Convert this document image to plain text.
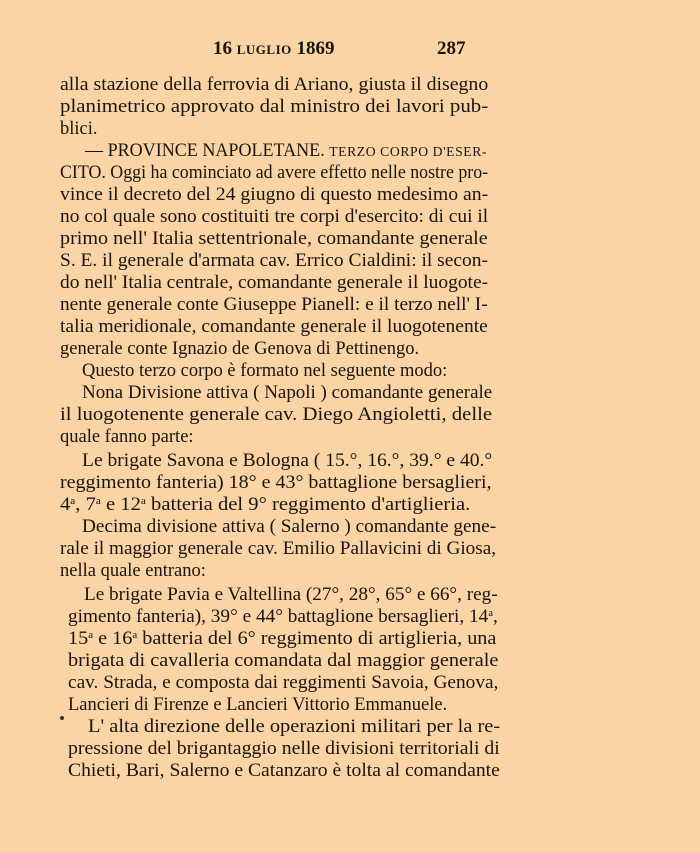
16 LUGLIO 1869	287
alla stazione della ferrovia di Ariano, giusta il disegno
planimetrico approvato dal ministro dei lavori pub-
blici.
— PROVINCE NAPOLETANE. TERZO CORPO D'ESER-
CITO. Oggi ha cominciato ad avere effetto nelle nostre pro-
vince il decreto del 24 giugno di questo medesimo an-
no col quale sono costituiti tre corpi d'esercito: di cui il
primo nell' Italia settentrionale, comandante generale
S. E. il generale d'armata cav. Errico Cialdini: il secon-
do nell' Italia centrale, comandante generale il luogote-
nente generale conte Giuseppe Pianell: e il terzo nell' I-
talia meridionale, comandante generale il luogotenente
generale conte Ignazio de Genova di Pettinengo.
Questo terzo corpo è formato nel seguente modo:
Nona Divisione attiva ( Napoli ) comandante generale
il luogotenente generale cav. Diego Angioletti, delle
quale fanno parte:
Le brigate Savona e Bologna ( 15.°, 16.°, 39.° e 40.°
reggimento fanteria) 18° e 43° battaglione bersaglieri,
4$^a$, 7$^a$ e 12$^a$ batteria del 9° reggimento d'artiglieria.
Decima divisione attiva ( Salerno ) comandante gene-
rale il maggior generale cav. Emilio Pallavicini di Giosa,
nella quale entrano:
Le brigate Pavia e Valtellina (27°, 28°, 65° e 66°, reg-
gimento fanteria), 39° e 44° battaglione bersaglieri, 14$^a$,
15$^a$ e 16$^a$ batteria del 6° reggimento di artiglieria, una
brigata di cavalleria comandata dal maggior generale
cav. Strada, e composta dai reggimenti Savoia, Genova,
Lancieri di Firenze e Lancieri Vittorio Emmanuele.
L' alta direzione delle operazioni militari per la re-
pressione del brigantaggio nelle divisioni territoriali di
Chieti, Bari, Salerno e Catanzaro è tolta al comandante
